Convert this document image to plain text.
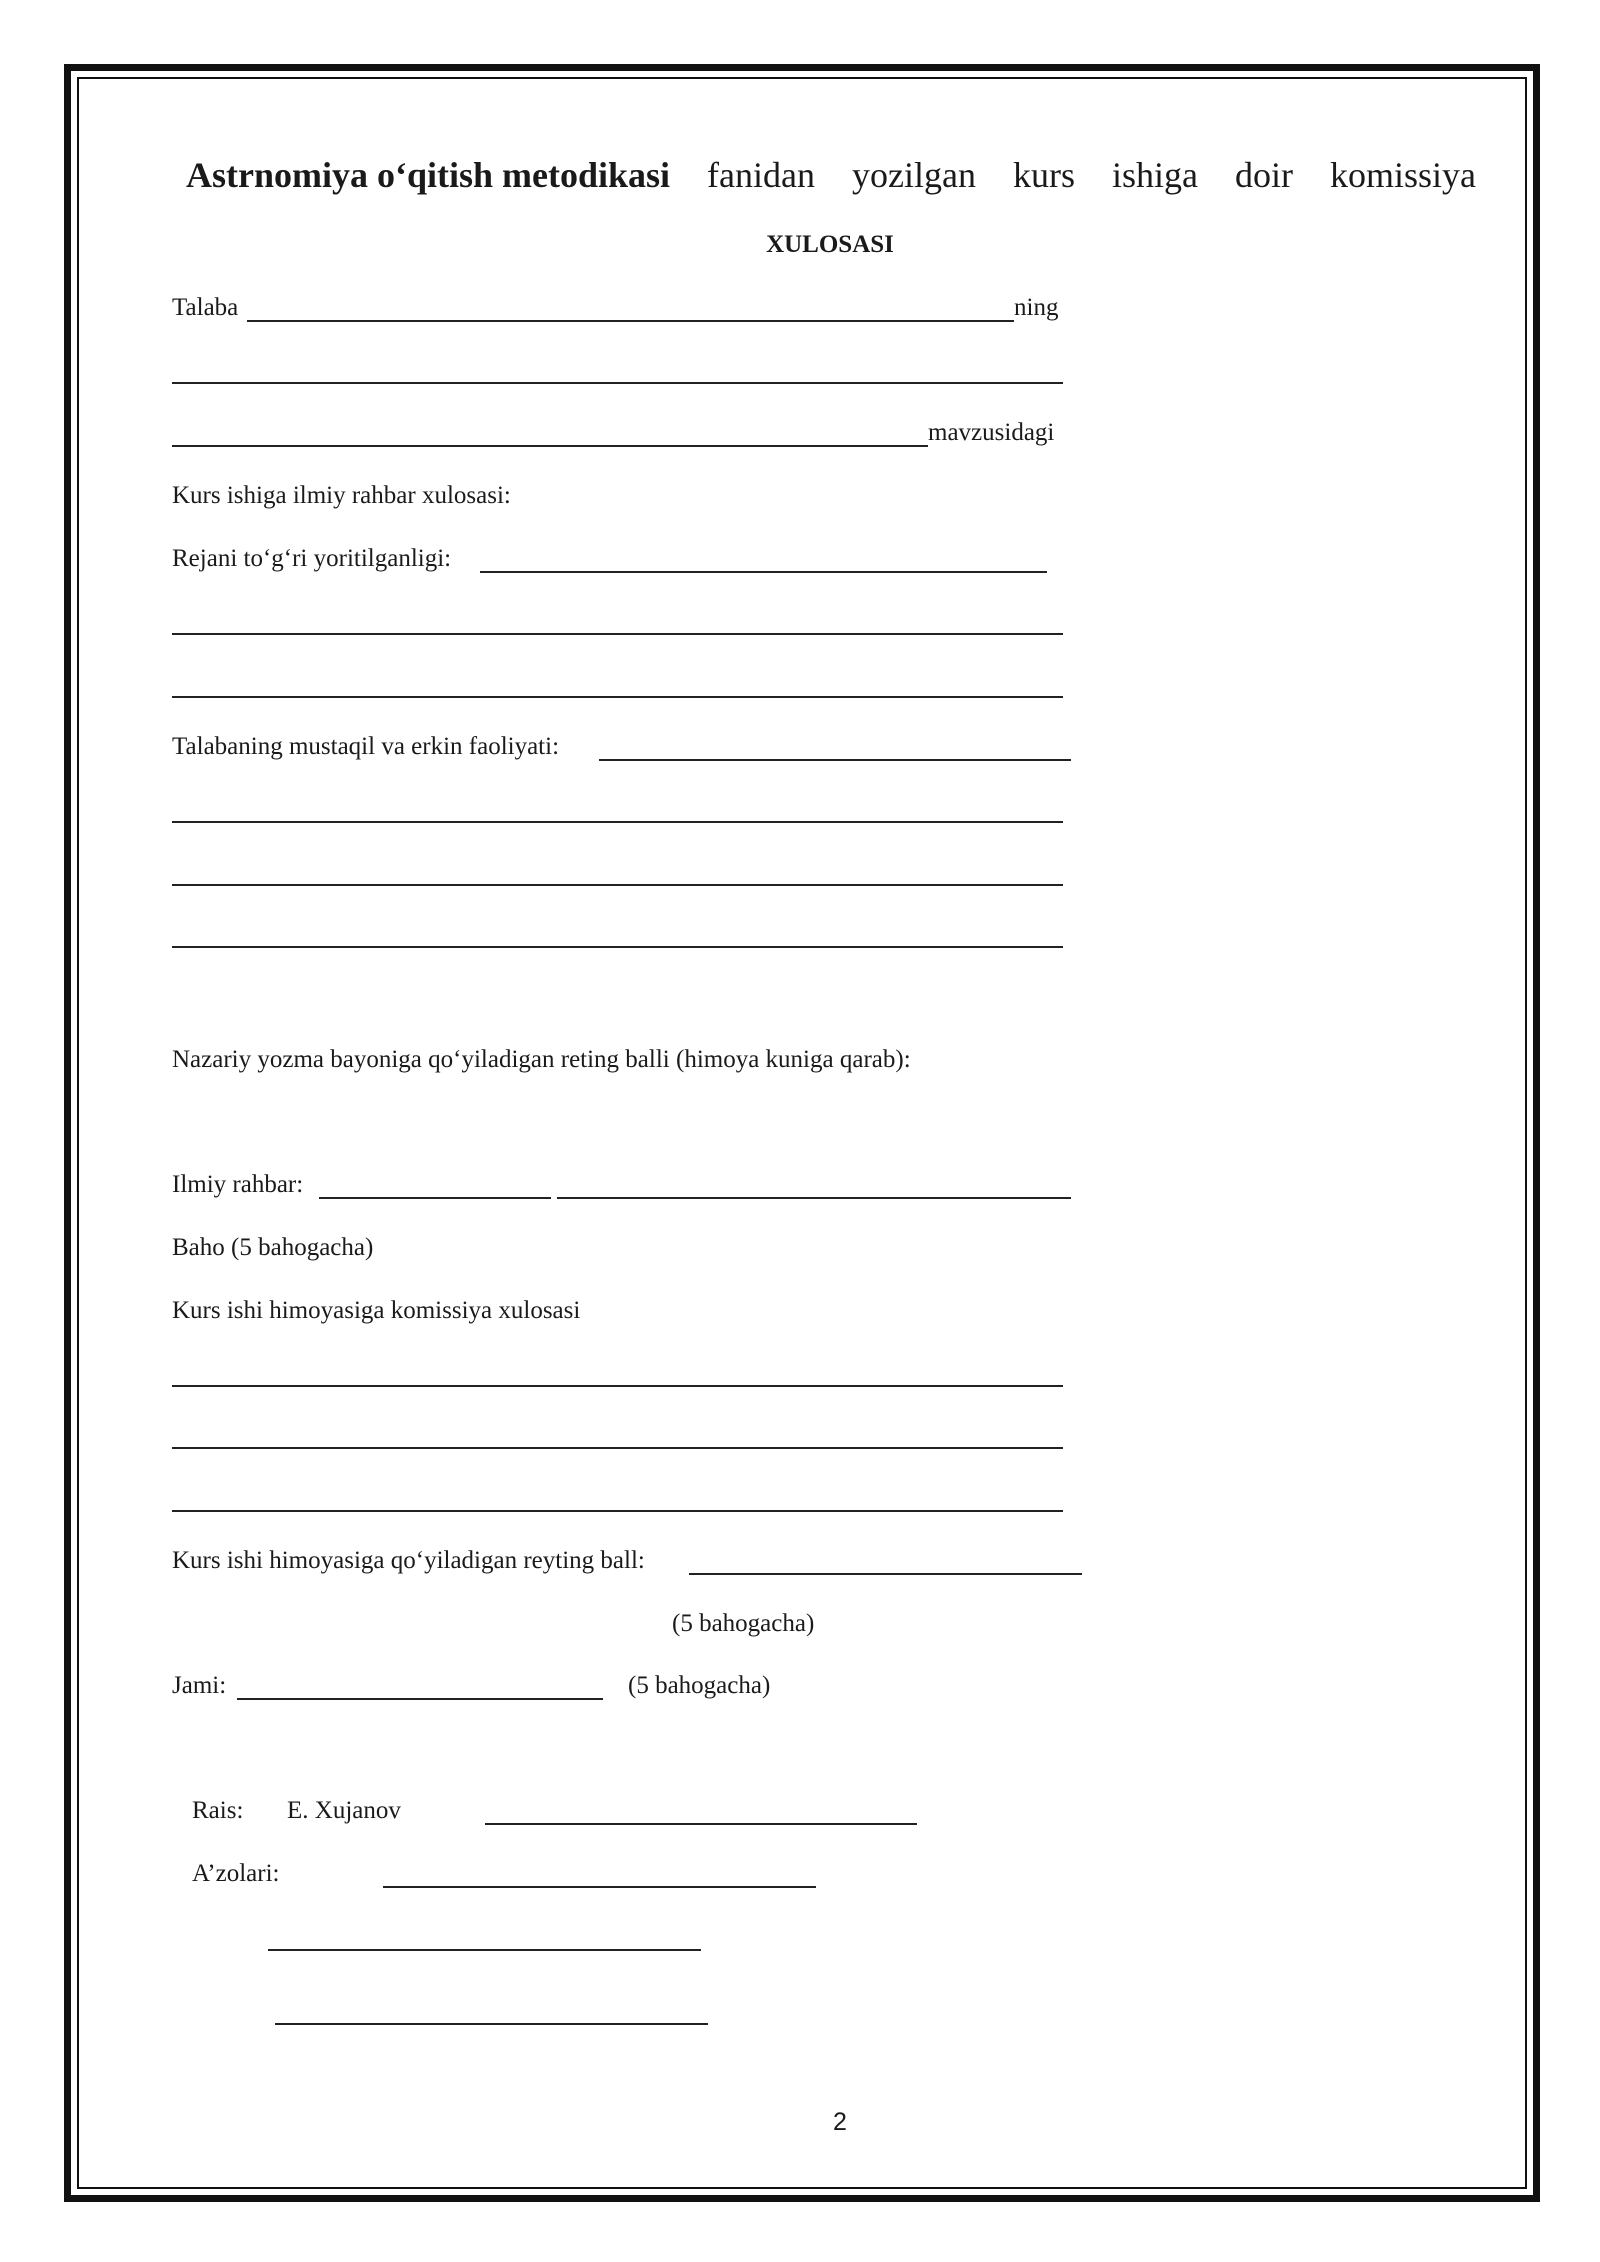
Astrnomiya o‘qitish metodikasi fanidan yozilgan kurs ishiga doir komissiya
XULOSASI
Talaba	ning
mavzusidagi
Kurs ishiga ilmiy rahbar xulosasi:
Rejani to‘g‘ri yoritilganligi:
Talabaning mustaqil va erkin faoliyati:
Nazariy yozma bayoniga qo‘yiladigan reting balli (himoya kuniga qarab):
Ilmiy rahbar:
Baho (5 bahogacha)
Kurs ishi himoyasiga komissiya xulosasi
Kurs ishi himoyasiga qo‘yiladigan reyting ball:
(5 bahogacha)
Jami:	(5 bahogacha)
Rais: E. Xujanov
A’zolari:
2
